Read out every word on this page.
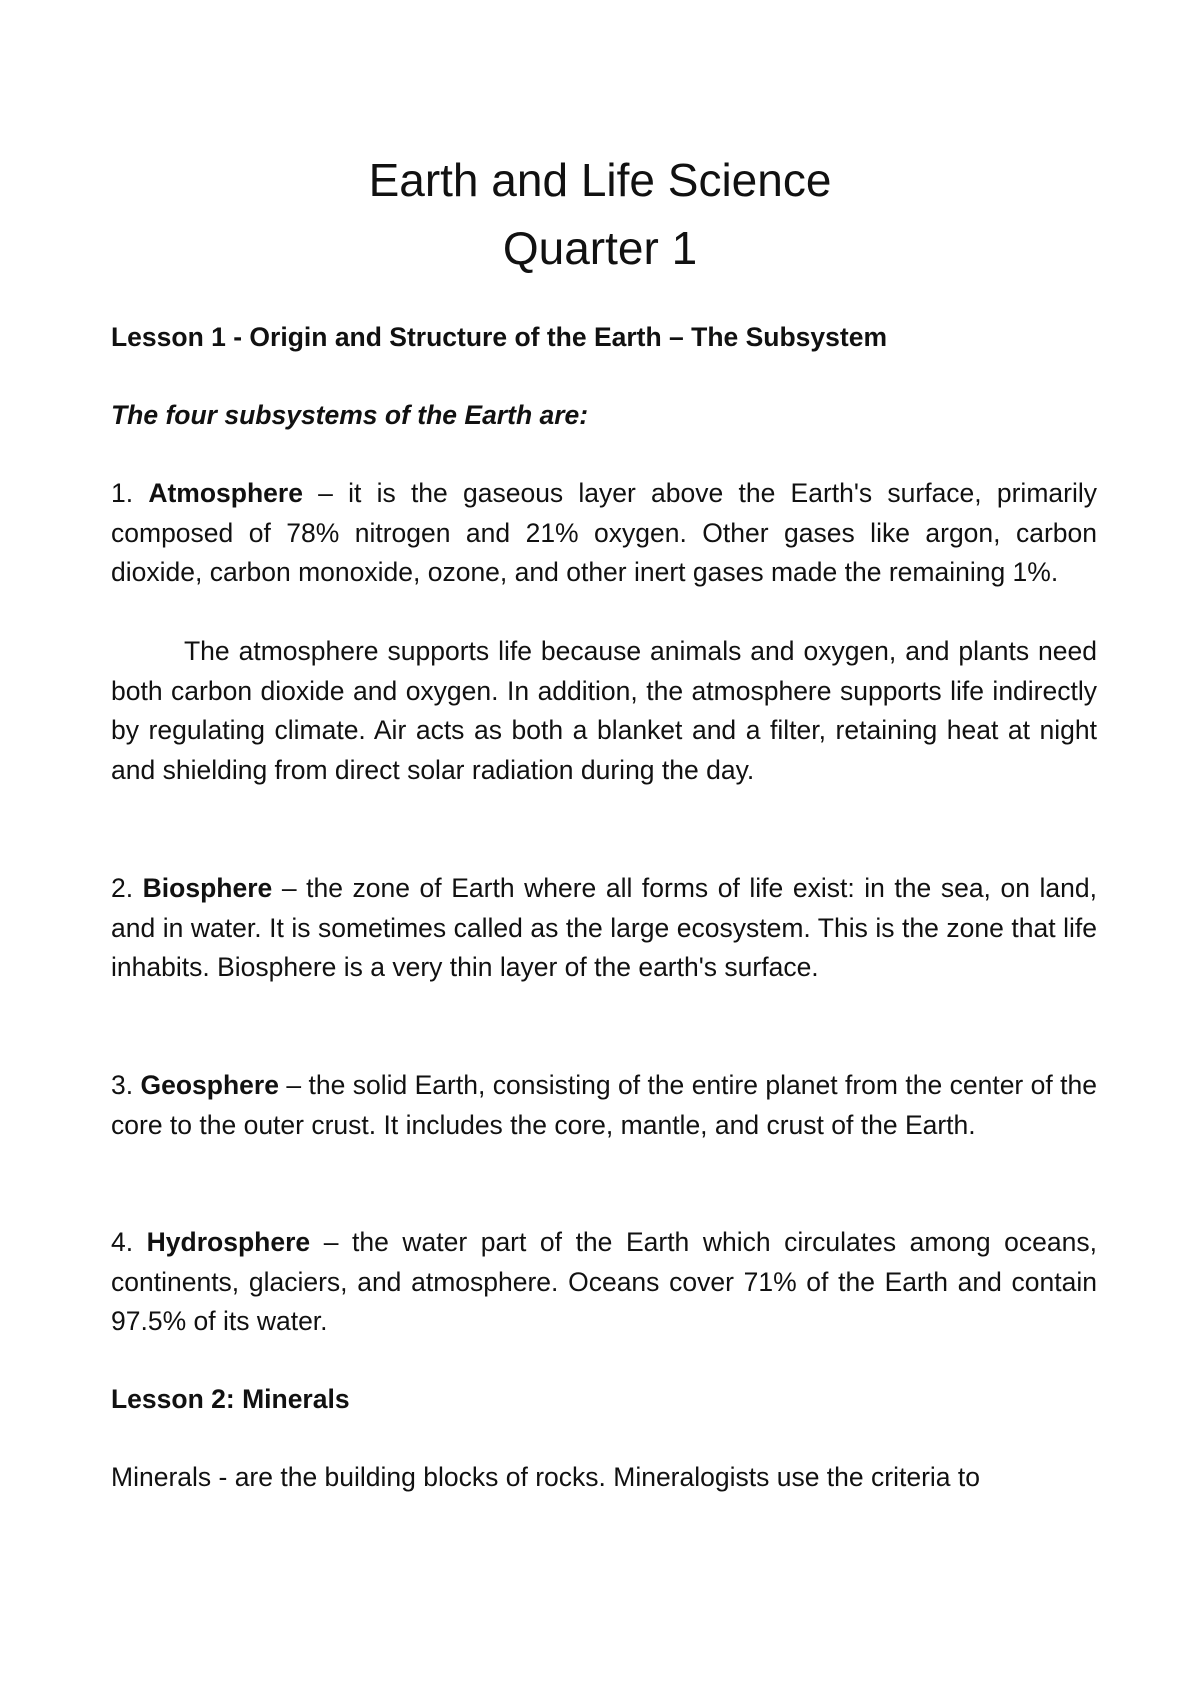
Earth and Life Science
Quarter 1

Lesson 1 - Origin and Structure of the Earth – The Subsystem

The four subsystems of the Earth are:

1. Atmosphere – it is the gaseous layer above the Earth's surface, primarily composed of 78% nitrogen and 21% oxygen. Other gases like argon, carbon dioxide, carbon monoxide, ozone, and other inert gases made the remaining 1%.

The atmosphere supports life because animals and oxygen, and plants need both carbon dioxide and oxygen. In addition, the atmosphere supports life indirectly by regulating climate. Air acts as both a blanket and a filter, retaining heat at night and shielding from direct solar radiation during the day.

2. Biosphere – the zone of Earth where all forms of life exist: in the sea, on land, and in water. It is sometimes called as the large ecosystem. This is the zone that life inhabits. Biosphere is a very thin layer of the earth's surface.

3. Geosphere – the solid Earth, consisting of the entire planet from the center of the core to the outer crust. It includes the core, mantle, and crust of the Earth.

4. Hydrosphere – the water part of the Earth which circulates among oceans, continents, glaciers, and atmosphere. Oceans cover 71% of the Earth and contain 97.5% of its water.

Lesson 2: Minerals

Minerals - are the building blocks of rocks. Mineralogists use the criteria to
